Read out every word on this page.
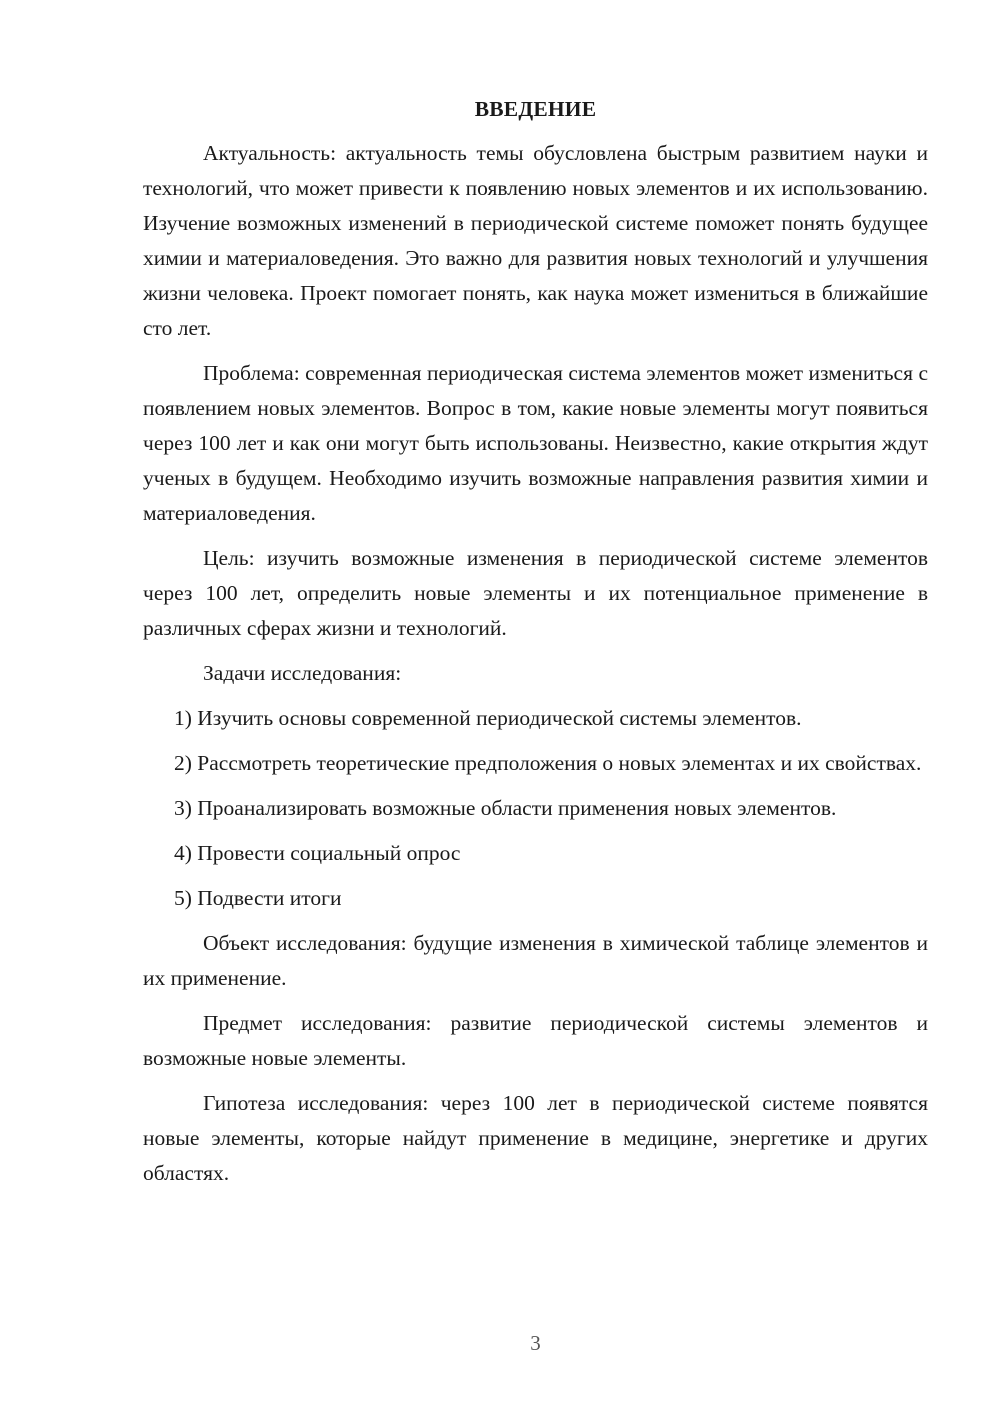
ВВЕДЕНИЕ

Актуальность: актуальность темы обусловлена быстрым развитием науки и технологий, что может привести к появлению новых элементов и их использованию. Изучение возможных изменений в периодической системе поможет понять будущее химии и материаловедения. Это важно для развития новых технологий и улучшения жизни человека. Проект помогает понять, как наука может измениться в ближайшие сто лет.

Проблема: современная периодическая система элементов может измениться с появлением новых элементов. Вопрос в том, какие новые элементы могут появиться через 100 лет и как они могут быть использованы. Неизвестно, какие открытия ждут ученых в будущем. Необходимо изучить возможные направления развития химии и материаловедения.

Цель: изучить возможные изменения в периодической системе элементов через 100 лет, определить новые элементы и их потенциальное применение в различных сферах жизни и технологий.

Задачи исследования:

1) Изучить основы современной периодической системы элементов.

2) Рассмотреть теоретические предположения о новых элементах и их свойствах.

3) Проанализировать возможные области применения новых элементов.

4) Провести социальный опрос

5) Подвести итоги

Объект исследования: будущие изменения в химической таблице элементов и их применение.

Предмет исследования: развитие периодической системы элементов и возможные новые элементы.

Гипотеза исследования: через 100 лет в периодической системе появятся новые элементы, которые найдут применение в медицине, энергетике и других областях.

3
